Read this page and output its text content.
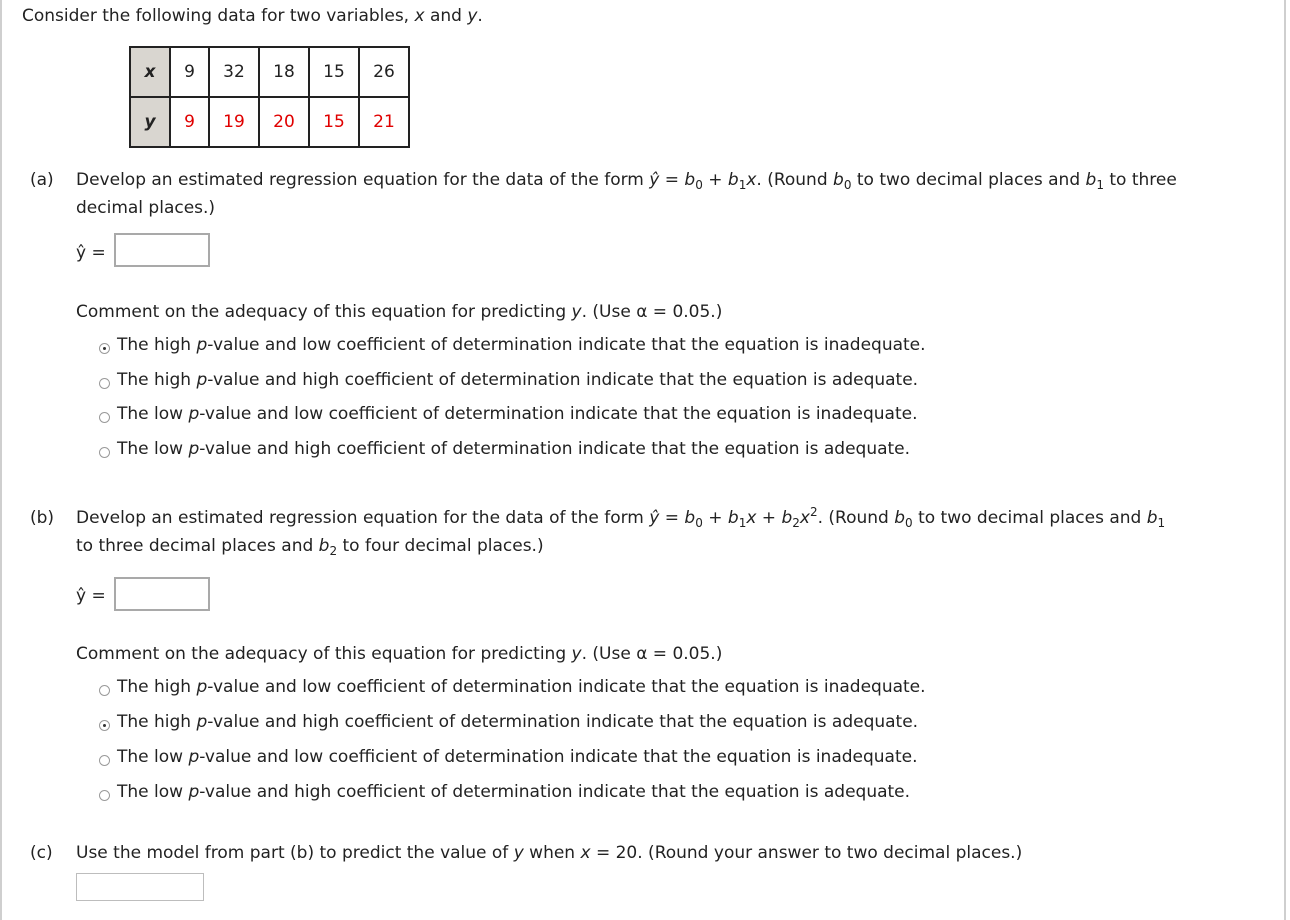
Consider the following data for two variables, x and y.
x	9	32	18	15	26
y	9	19	20	15	21
(a) Develop an estimated regression equation for the data of the form ŷ = $b_0 + b_1x$. (Round $b_0$ to two decimal places and $b_1$ to three
decimal places.)
ŷ =
Comment on the adequacy of this equation for predicting y. (Use α = 0.05.)
The high p-value and low coefficient of determination indicate that the equation is inadequate.
The high p-value and high coefficient of determination indicate that the equation is adequate.
The low p-value and low coefficient of determination indicate that the equation is inadequate.
The low p-value and high coefficient of determination indicate that the equation is adequate.
(b) Develop an estimated regression equation for the data of the form ŷ = $b_0 + b_1x + b_2x^2$. (Round $b_0$ to two decimal places and $b_1$
to three decimal places and $b_2$ to four decimal places.)
ŷ =
Comment on the adequacy of this equation for predicting y. (Use α = 0.05.)
The high p-value and low coefficient of determination indicate that the equation is inadequate.
The high p-value and high coefficient of determination indicate that the equation is adequate.
The low p-value and low coefficient of determination indicate that the equation is inadequate.
The low p-value and high coefficient of determination indicate that the equation is adequate.
(c) Use the model from part (b) to predict the value of y when x = 20. (Round your answer to two decimal places.)
